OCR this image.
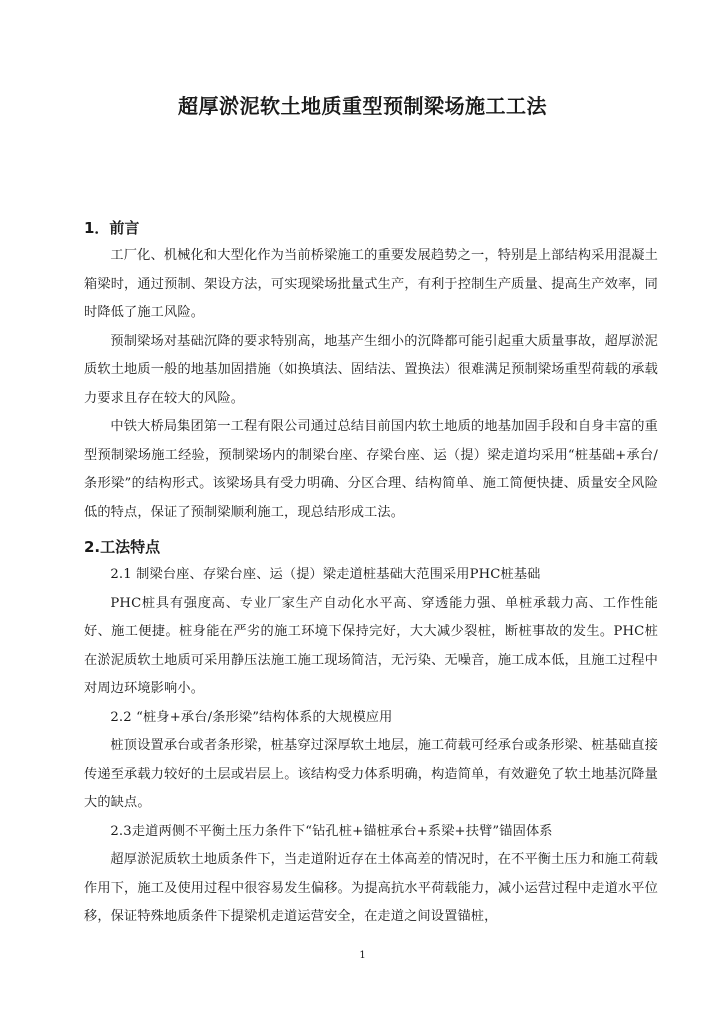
超厚淤泥软土地质重型预制梁场施工工法
1．前言

工厂化、机械化和大型化作为当前桥梁施工的重要发展趋势之一，特别是上部结构采用混凝土箱梁时，通过预制、架设方法，可实现梁场批量式生产，有利于控制生产质量、提高生产效率，同时降低了施工风险。

预制梁场对基础沉降的要求特别高，地基产生细小的沉降都可能引起重大质量事故，超厚淤泥质软土地质一般的地基加固措施（如换填法、固结法、置换法）很难满足预制梁场重型荷载的承载力要求且存在较大的风险。

中铁大桥局集团第一工程有限公司通过总结目前国内软土地质的地基加固手段和自身丰富的重型预制梁场施工经验，预制梁场内的制梁台座、存梁台座、运（提）梁走道均采用“桩基础+承台/条形梁”的结构形式。该梁场具有受力明确、分区合理、结构简单、施工简便快捷、质量安全风险低的特点，保证了预制梁顺利施工，现总结形成工法。

2.工法特点

2.1 制梁台座、存梁台座、运（提）梁走道桩基础大范围采用PHC桩基础

PHC桩具有强度高、专业厂家生产自动化水平高、穿透能力强、单桩承载力高、工作性能好、施工便捷。桩身能在严劣的施工环境下保持完好，大大减少裂桩，断桩事故的发生。PHC桩在淤泥质软土地质可采用静压法施工施工现场简洁，无污染、无噪音，施工成本低，且施工过程中对周边环境影响小。

2.2 “桩身+承台/条形梁”结构体系的大规模应用

桩顶设置承台或者条形梁，桩基穿过深厚软土地层，施工荷载可经承台或条形梁、桩基础直接传递至承载力较好的土层或岩层上。该结构受力体系明确，构造简单，有效避免了软土地基沉降量大的缺点。

2.3走道两侧不平衡土压力条件下“钻孔桩+锚桩承台+系梁+扶臂”锚固体系

超厚淤泥质软土地质条件下，当走道附近存在土体高差的情况时，在不平衡土压力和施工荷载作用下，施工及使用过程中很容易发生偏移。为提高抗水平荷载能力，减小运营过程中走道水平位移，保证特殊地质条件下提梁机走道运营安全，在走道之间设置锚桩，

1
